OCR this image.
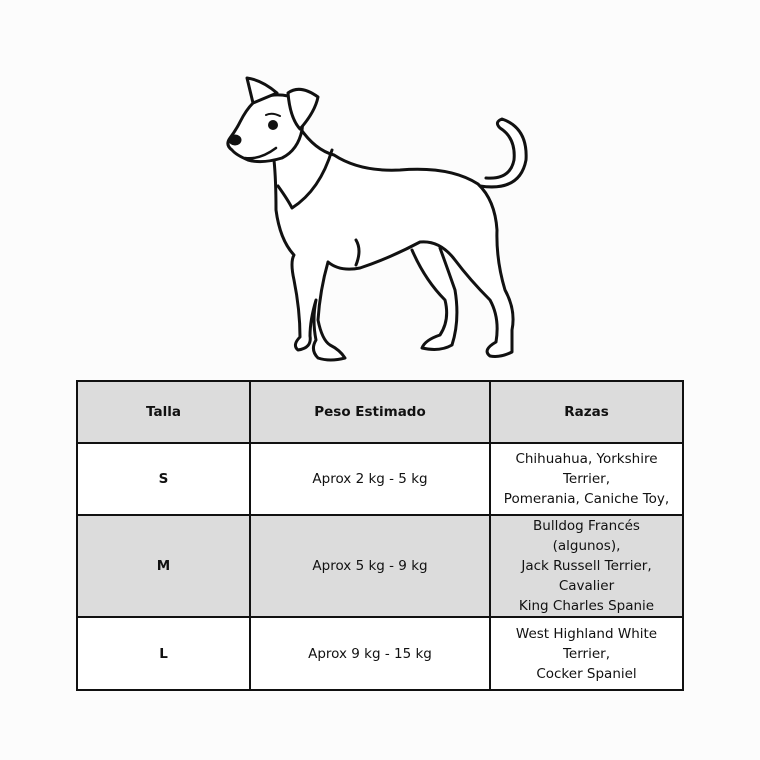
Talla	Peso Estimado	Razas
S	Aprox 2 kg - 5 kg	Chihuahua, Yorkshire Terrier,
Pomerania, Caniche Toy,

M	Aprox 5 kg - 9 kg	Bulldog Francés (algunos),
Jack Russell Terrier, Cavalier
King Charles Spanie

L	Aprox 9 kg - 15 kg	West Highland White Terrier,
Cocker Spaniel
